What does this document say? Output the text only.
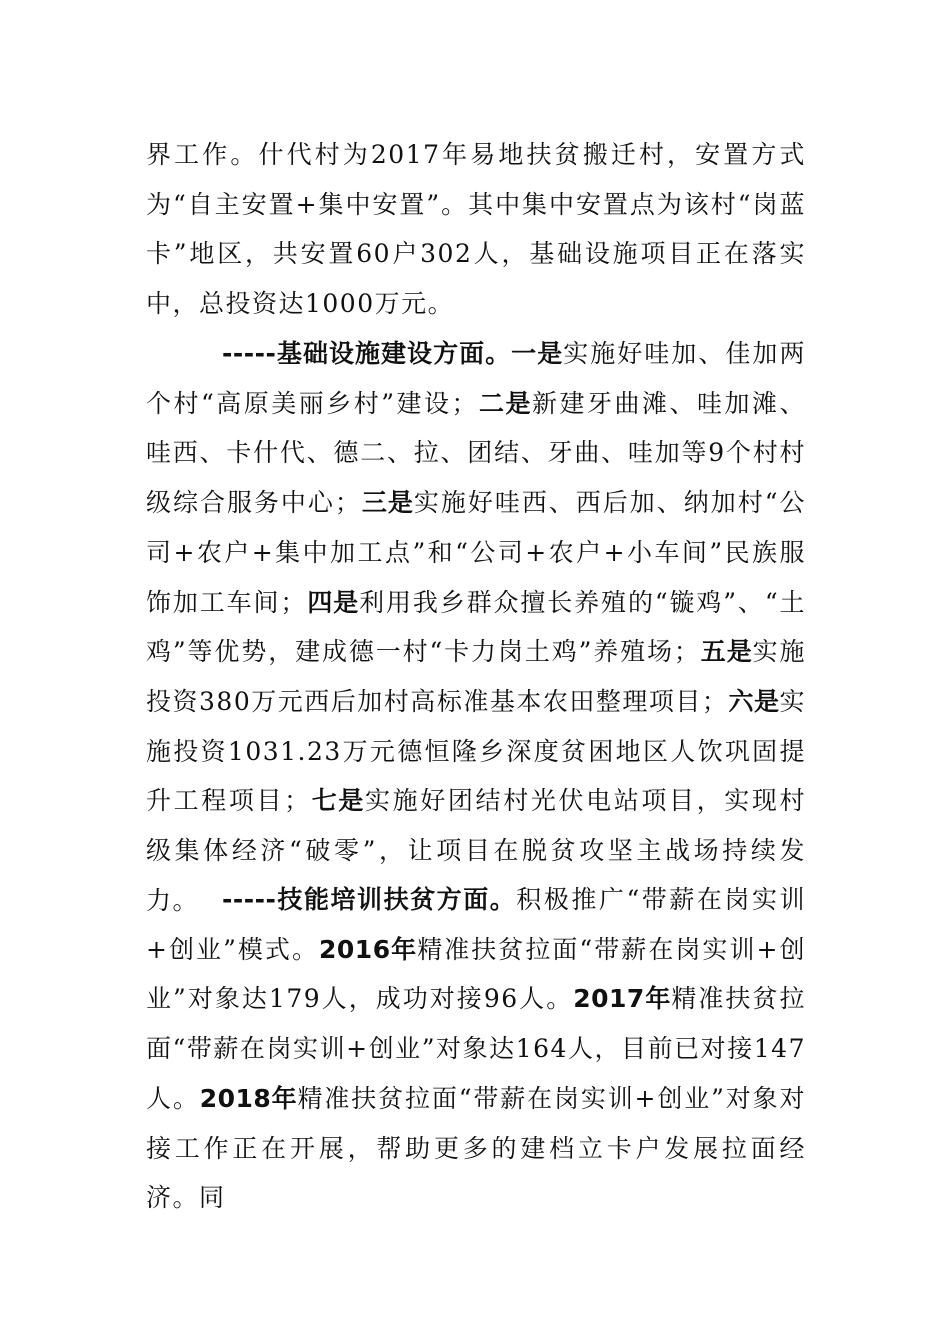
界工作。什代村为2017年易地扶贫搬迁村，安置方式为“自主安置+集中安置”。其中集中安置点为该村“岗蓝卡”地区，共安置60户302人，基础设施项目正在落实中，总投资达1000万元。

-----基础设施建设方面。一是实施好哇加、佳加两个村“高原美丽乡村”建设；二是新建牙曲滩、哇加滩、哇西、卡什代、德二、拉、团结、牙曲、哇加等9个村村级综合服务中心；三是实施好哇西、西后加、纳加村“公司+农户+集中加工点”和“公司+农户+小车间”民族服饰加工车间；四是利用我乡群众擅长养殖的“镟鸡”、“土鸡”等优势，建成德一村“卡力岗土鸡”养殖场；五是实施投资380万元西后加村高标准基本农田整理项目；六是实施投资1031.23万元德恒隆乡深度贫困地区人饮巩固提升工程项目；七是实施好团结村光伏电站项目，实现村级集体经济“破零”，让项目在脱贫攻坚主战场持续发力。 -----技能培训扶贫方面。积极推广“带薪在岗实训+创业”模式。2016年精准扶贫拉面“带薪在岗实训+创业”对象达179人，成功对接96人。2017年精准扶贫拉面“带薪在岗实训+创业”对象达164人，目前已对接147人。2018年精准扶贫拉面“带薪在岗实训+创业”对象对接工作正在开展，帮助更多的建档立卡户发展拉面经济。同
